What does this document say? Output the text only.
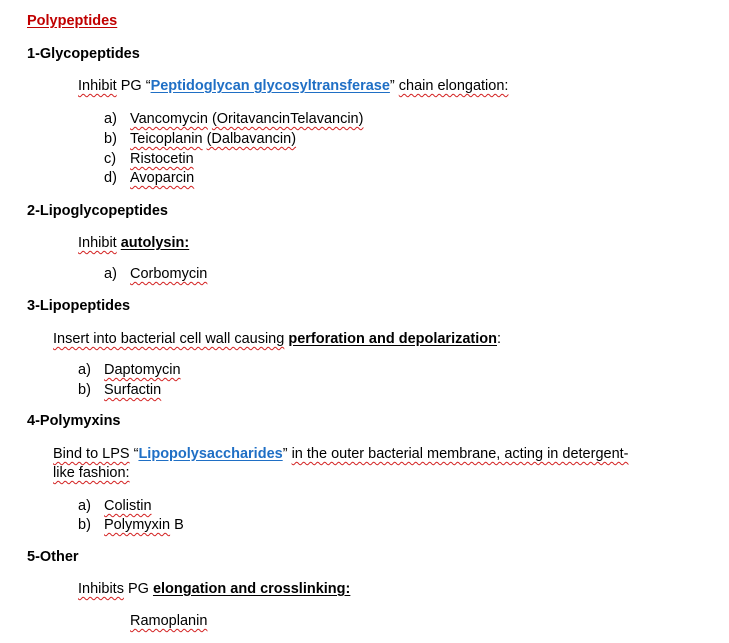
Polypeptides
1-Glycopeptides
Inhibit PG “Peptidoglycan glycosyltransferase” chain elongation:
a) Vancomycin (OritavancinTelavancin)
b) Teicoplanin (Dalbavancin)
c) Ristocetin
d) Avoparcin
2-Lipoglycopeptides
Inhibit autolysin:
a) Corbomycin
3-Lipopeptides
Insert into bacterial cell wall causing perforation and depolarization:
a) Daptomycin
b) Surfactin
4-Polymyxins
Bind to LPS “Lipopolysaccharides” in the outer bacterial membrane, acting in detergent-
like fashion:
a) Colistin
b) Polymyxin B
5-Other
Inhibits PG elongation and crosslinking:
Ramoplanin
